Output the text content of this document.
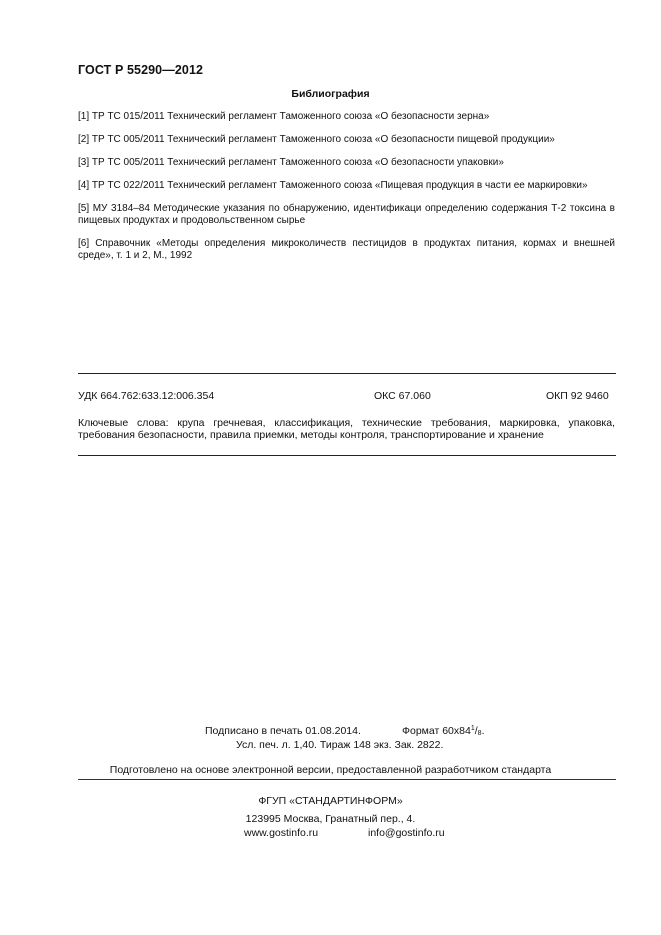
ГОСТ Р 55290—2012
Библиография
[1] ТР ТС 015/2011 Технический регламент Таможенного союза «О безопасности зерна»
[2] ТР ТС 005/2011 Технический регламент Таможенного союза «О безопасности пищевой продукции»
[3] ТР ТС 005/2011 Технический регламент Таможенного союза «О безопасности упаковки»
[4] ТР ТС 022/2011 Технический регламент Таможенного союза «Пищевая продукция в части ее маркировки»
[5] МУ 3184–84 Методические указания по обнаружению, идентификаци определению содержания Т-2 токсина в пищевых продуктах и продовольственном сырье
[6] Справочник «Методы определения микроколичеств пестицидов в продуктах питания, кормах и внешней среде», т. 1 и 2, М., 1992
УДК 664.762:633.12:006.354	ОКС 67.060	ОКП 92 9460
Ключевые слова: крупа гречневая, классификация, технические требования, маркировка, упаковка, требования безопасности, правила приемки, методы контроля, транспортирование и хранение
Подписано в печать 01.08.2014.	Формат $60х84^1/_8$.
Усл. печ. л. 1,40. Тираж 148 экз. Зак. 2822.
Подготовлено на основе электронной версии, предоставленной разработчиком стандарта
ФГУП «СТАНДАРТИНФОРМ»
123995 Москва, Гранатный пер., 4.
www.gostinfo.ru	info@gostinfo.ru
